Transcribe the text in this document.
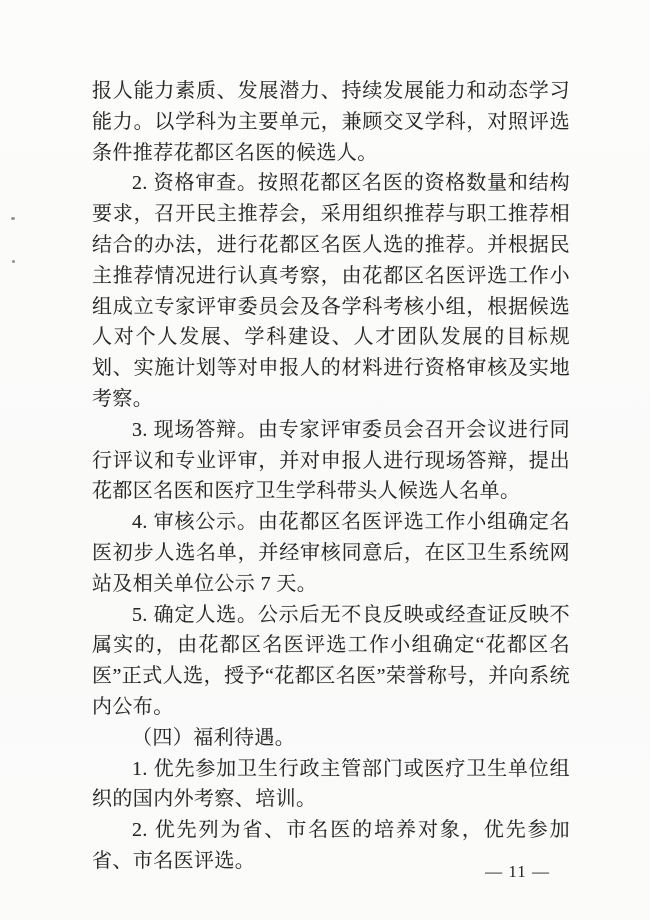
报人能力素质、发展潜力、持续发展能力和动态学习能力。以学科为主要单元，兼顾交叉学科，对照评选条件推荐花都区名医的候选人。

2. 资格审查。按照花都区名医的资格数量和结构要求，召开民主推荐会，采用组织推荐与职工推荐相结合的办法，进行花都区名医人选的推荐。并根据民主推荐情况进行认真考察，由花都区名医评选工作小组成立专家评审委员会及各学科考核小组，根据候选人对个人发展、学科建设、人才团队发展的目标规划、实施计划等对申报人的材料进行资格审核及实地考察。

3. 现场答辩。由专家评审委员会召开会议进行同行评议和专业评审，并对申报人进行现场答辩，提出花都区名医和医疗卫生学科带头人候选人名单。

4. 审核公示。由花都区名医评选工作小组确定名医初步人选名单，并经审核同意后，在区卫生系统网站及相关单位公示 7 天。

5. 确定人选。公示后无不良反映或经查证反映不属实的，由花都区名医评选工作小组确定“花都区名医”正式人选，授予“花都区名医”荣誉称号，并向系统内公布。

（四）福利待遇。

1. 优先参加卫生行政主管部门或医疗卫生单位组织的国内外考察、培训。

2. 优先列为省、市名医的培养对象，优先参加省、市名医评选。	— 11 —
